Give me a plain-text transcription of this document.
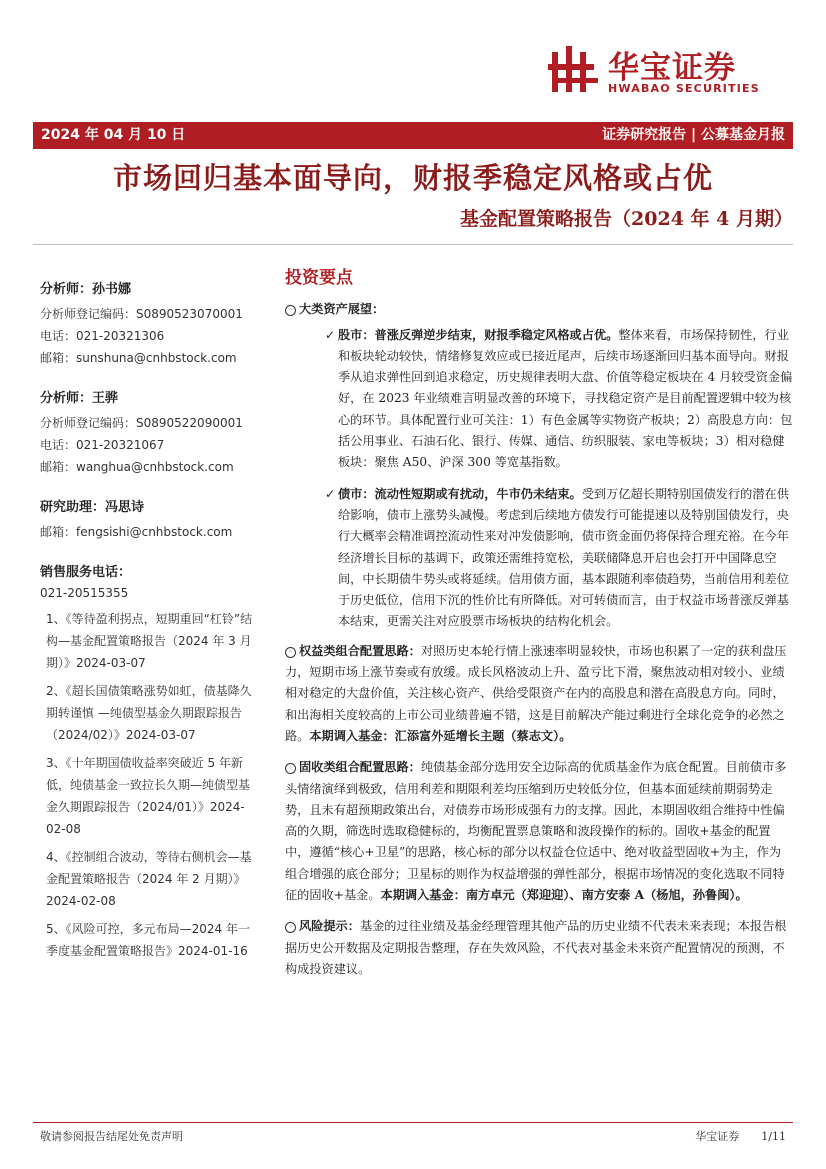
华宝证券
HWABAO SECURITIES
2024 年 04 月 10 日	证券研究报告 | 公募基金月报
市场回归基本面导向，财报季稳定风格或占优
基金配置策略报告（2024 年 4 月期）
分析师：孙书娜
分析师登记编码：S0890523070001
电话：021-20321306
邮箱：sunshuna@cnhbstock.com
分析师：王骅
分析师登记编码：S0890522090001
电话：021-20321067
邮箱：wanghua@cnhbstock.com
研究助理：冯思诗
邮箱：fengsishi@cnhbstock.com
销售服务电话：
021-20515355
1、《等待盈利拐点，短期重回“杠铃”结构—基金配置策略报告（2024 年 3 月期）》2024-03-07
2、《超长国债策略涨势如虹，债基降久期转谨慎 —纯债型基金久期跟踪报告（2024/02）》2024-03-07
3、《十年期国债收益率突破近 5 年新低，纯债基金一致拉长久期—纯债型基金久期跟踪报告（2024/01）》2024-02-08
4、《控制组合波动，等待右侧机会—基金配置策略报告（2024 年 2 月期）》2024-02-08
5、《风险可控，多元布局—2024 年一季度基金配置策略报告》2024-01-16
投资要点
◦ 大类资产展望：
✓ 股市：普涨反弹逆步结束，财报季稳定风格或占优。整体来看，市场保持韧性，行业和板块轮动较快，情绪修复效应或已接近尾声，后续市场逐渐回归基本面导向。财报季从追求弹性回到追求稳定，历史规律表明大盘、价值等稳定板块在 4 月较受资金偏好，在 2023 年业绩难言明显改善的环境下，寻找稳定资产是目前配置逻辑中较为核心的环节。具体配置行业可关注：1）有色金属等实物资产板块；2）高股息方向：包括公用事业、石油石化、银行、传媒、通信、纺织服装、家电等板块；3）相对稳健板块：聚焦 A50、沪深 300 等宽基指数。
✓ 债市：流动性短期或有扰动，牛市仍未结束。受到万亿超长期特别国债发行的潜在供给影响，债市上涨势头减慢。考虑到后续地方债发行可能提速以及特别国债发行，央行大概率会精准调控流动性来对冲发债影响，债市资金面仍将保持合理充裕。在今年经济增长目标的基调下，政策还需维持宽松，美联储降息开启也会打开中国降息空间，中长期债牛势头或将延续。信用债方面，基本跟随利率债趋势，当前信用利差位于历史低位，信用下沉的性价比有所降低。对可转债而言，由于权益市场普涨反弹基本结束，更需关注对应股票市场板块的结构化机会。
◦ 权益类组合配置思路：对照历史本轮行情上涨速率明显较快，市场也积累了一定的获利盘压力，短期市场上涨节奏或有放缓。成长风格波动上升、盈亏比下滑，聚焦波动相对较小、业绩相对稳定的大盘价值，关注核心资产、供给受限资产在内的高股息和潜在高股息方向。同时，和出海相关度较高的上市公司业绩普遍不错，这是目前解决产能过剩进行全球化竞争的必然之路。本期调入基金：汇添富外延增长主题（蔡志文）。
◦ 固收类组合配置思路：纯债基金部分选用安全边际高的优质基金作为底仓配置。目前债市多头情绪演绎到极致，信用利差和期限利差均压缩到历史较低分位，但基本面延续前期弱势走势，且未有超预期政策出台，对债券市场形成强有力的支撑。因此，本期固收组合维持中性偏高的久期，筛选时选取稳健标的，均衡配置票息策略和波段操作的标的。固收+基金的配置中，遵循“核心+卫星”的思路，核心标的部分以权益仓位适中、绝对收益型固收+为主，作为组合增强的底仓部分；卫星标的则作为权益增强的弹性部分，根据市场情况的变化选取不同特征的固收+基金。本期调入基金：南方卓元（郑迎迎）、南方安泰 A（杨旭，孙鲁闽）。
◦ 风险提示：基金的过往业绩及基金经理管理其他产品的历史业绩不代表未来表现；本报告根据历史公开数据及定期报告整理，存在失效风险，不代表对基金未来资产配置情况的预测，不构成投资建议。
敬请参阅报告结尾处免责声明	华宝证券 1/11
